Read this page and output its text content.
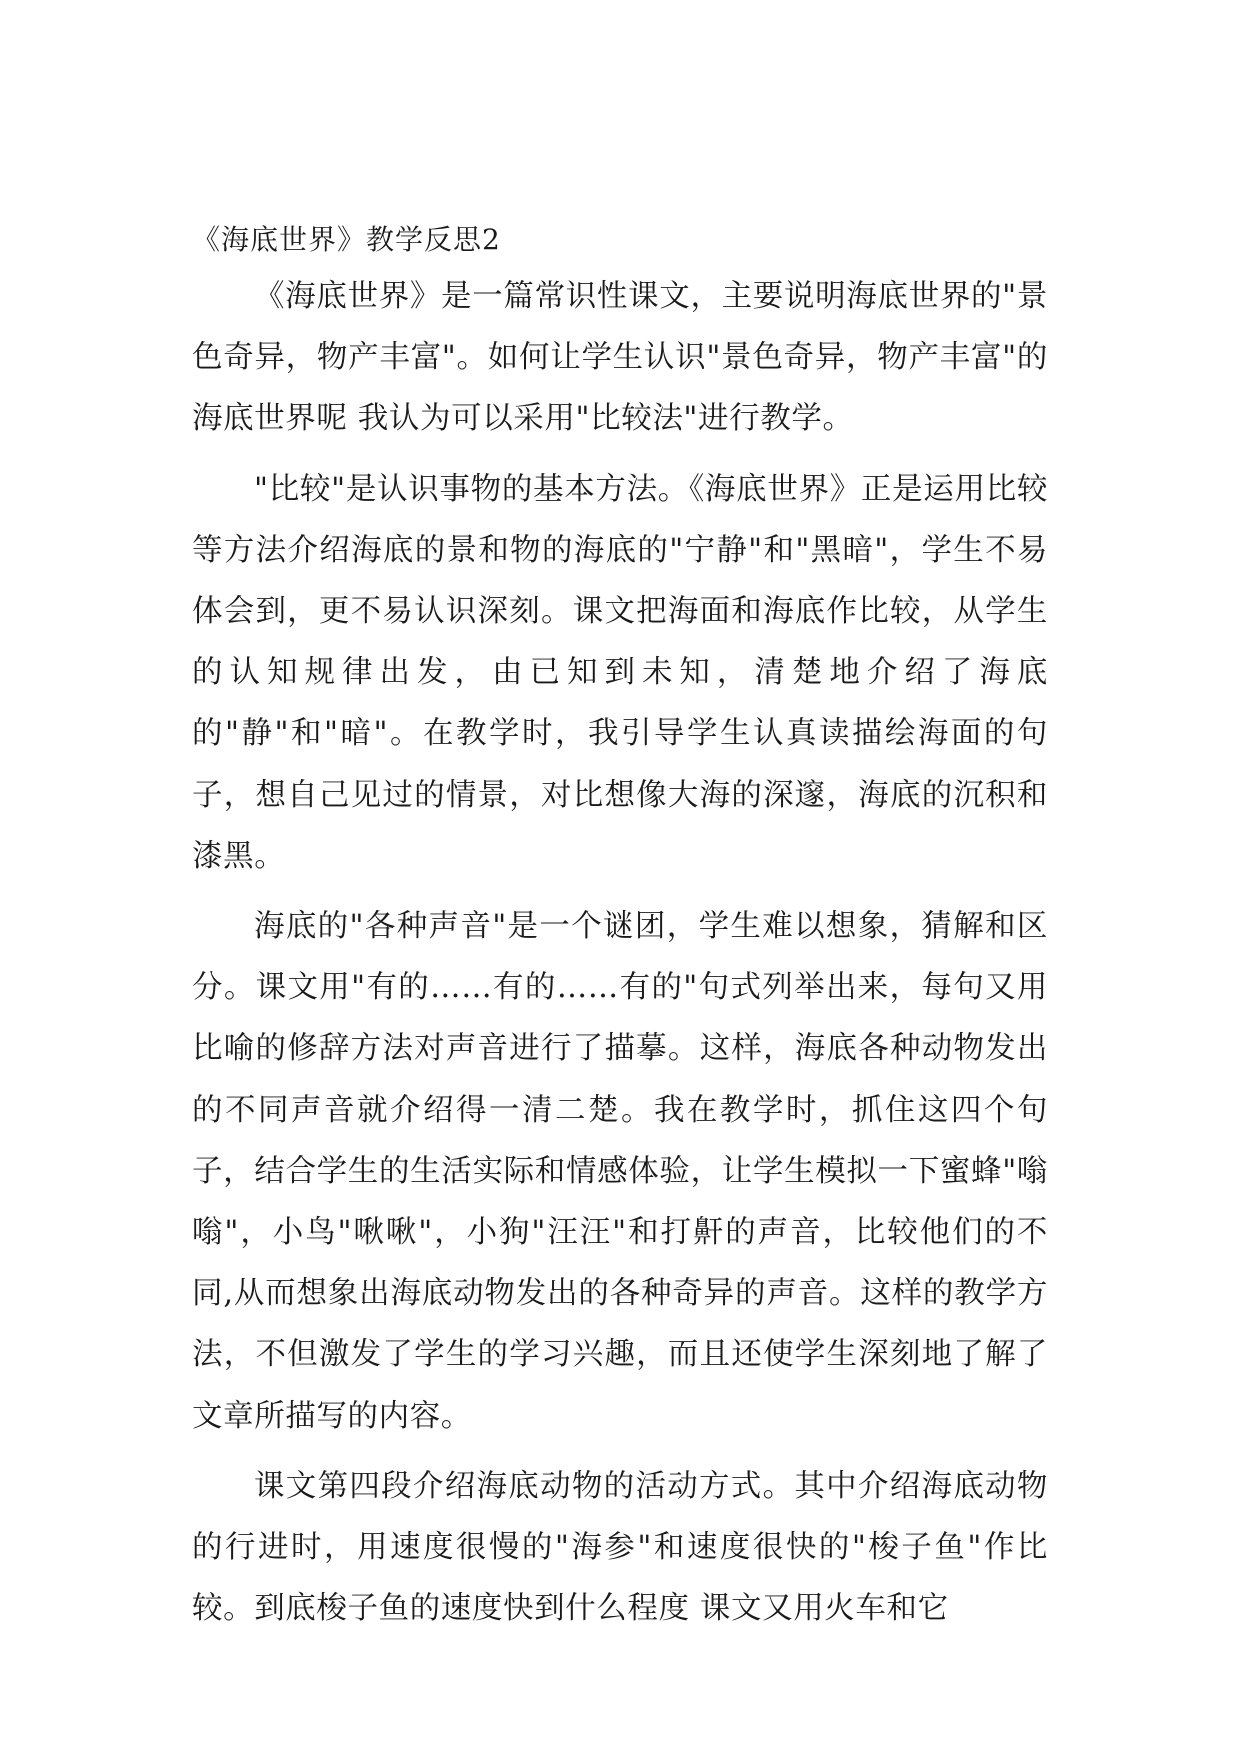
《海底世界》教学反思2

《海底世界》是一篇常识性课文，主要说明海底世界的"景色奇异，物产丰富"。如何让学生认识"景色奇异，物产丰富"的海底世界呢 我认为可以采用"比较法"进行教学。

"比较"是认识事物的基本方法。《海底世界》正是运用比较等方法介绍海底的景和物的海底的"宁静"和"黑暗"，学生不易体会到，更不易认识深刻。课文把海面和海底作比较，从学生的认知规律出发，由已知到未知，清楚地介绍了海底的"静"和"暗"。在教学时，我引导学生认真读描绘海面的句子，想自己见过的情景，对比想像大海的深邃，海底的沉积和漆黑。

海底的"各种声音"是一个谜团，学生难以想象，猜解和区分。课文用"有的……有的……有的"句式列举出来，每句又用比喻的修辞方法对声音进行了描摹。这样，海底各种动物发出的不同声音就介绍得一清二楚。我在教学时，抓住这四个句子，结合学生的生活实际和情感体验，让学生模拟一下蜜蜂"嗡嗡"，小鸟"啾啾"，小狗"汪汪"和打鼾的声音，比较他们的不同,从而想象出海底动物发出的各种奇异的声音。这样的教学方法，不但激发了学生的学习兴趣，而且还使学生深刻地了解了文章所描写的内容。

课文第四段介绍海底动物的活动方式。其中介绍海底动物的行进时，用速度很慢的"海参"和速度很快的"梭子鱼"作比较。到底梭子鱼的速度快到什么程度 课文又用火车和它
